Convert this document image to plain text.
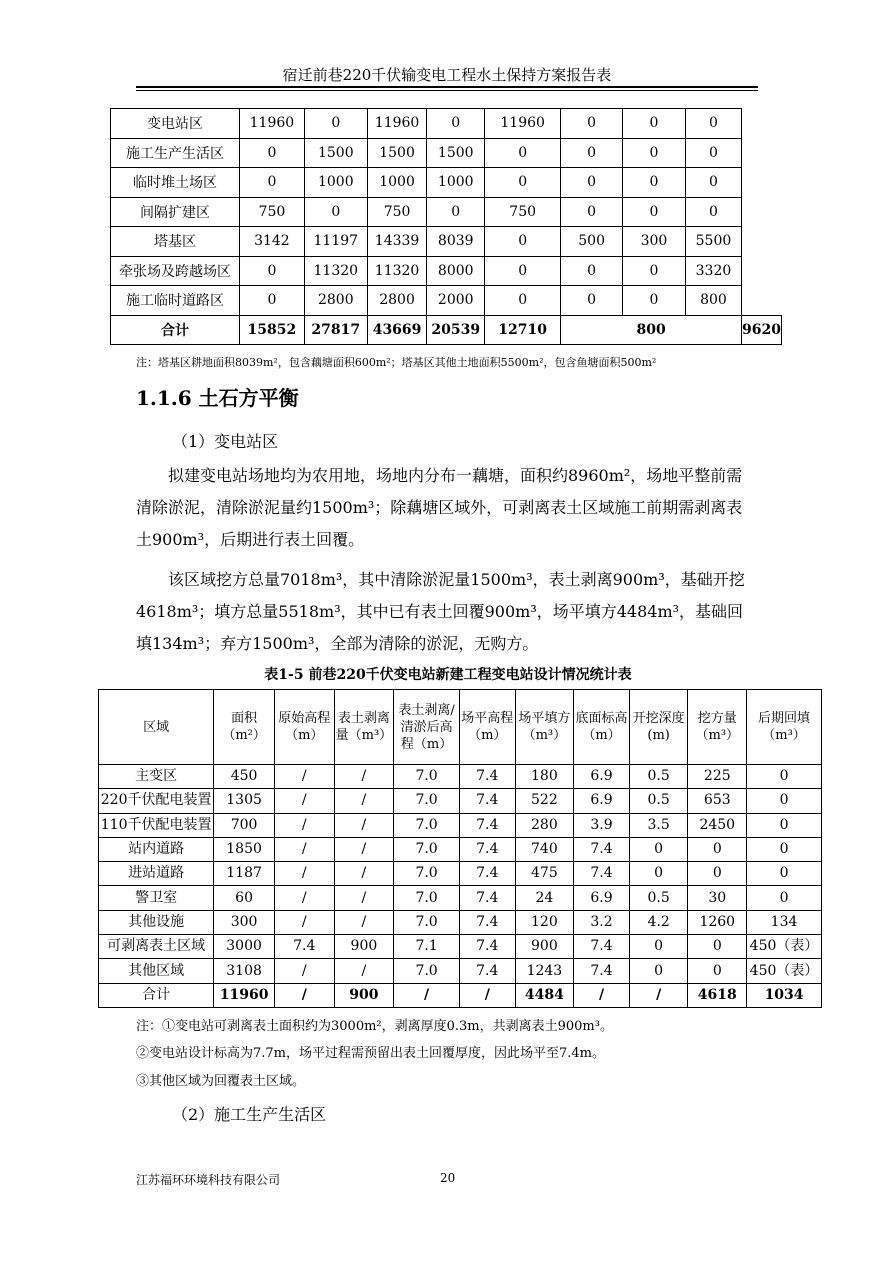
宿迁前巷220千伏输变电工程水土保持方案报告表
变电站区	11960	0	11960	0	11960	0	0	0	
施工生产生活区	0	1500	1500	1500	0	0	0	0	
临时堆土场区	0	1000	1000	1000	0	0	0	0	
间隔扩建区	750	0	750	0	750	0	0	0	
塔基区	3142	11197	14339	8039	0	500	300	5500	
牵张场及跨越场区	0	11320	11320	8000	0	0	0	3320	
施工临时道路区	0	2800	2800	2000	0	0	0	800	
合计	15852	27817	43669	20539	12710	800			9620
注：塔基区耕地面积8039m²，包含藕塘面积600m²；塔基区其他土地面积5500m²，包含鱼塘面积500m²
1.1.6 土石方平衡
（1）变电站区

拟建变电站场地均为农用地，场地内分布一藕塘，面积约8960m²，场地平整前需清除淤泥，清除淤泥量约1500m³；除藕塘区域外，可剥离表土区域施工前期需剥离表土900m³，后期进行表土回覆。

该区域挖方总量7018m³，其中清除淤泥量1500m³，表土剥离900m³，基础开挖4618m³；填方总量5518m³，其中已有表土回覆900m³，场平填方4484m³，基础回填134m³；弃方1500m³，全部为清除的淤泥，无购方。

表1-5 前巷220千伏变电站新建工程变电站设计情况统计表
区域	面积（m²）	原始高程（m）	表土剥离量（m³）	表土剥离/清淤后高程（m）	场平高程（m）	场平填方（m³）	底面标高（m）	开挖深度(m)	挖方量（m³）	后期回填（m³）
主变区	450	/	/	7.0	7.4	180	6.9	0.5	225	0
220千伏配电装置	1305	/	/	7.0	7.4	522	6.9	0.5	653	0
110千伏配电装置	700	/	/	7.0	7.4	280	3.9	3.5	2450	0
站内道路	1850	/	/	7.0	7.4	740	7.4	0	0	0
进站道路	1187	/	/	7.0	7.4	475	7.4	0	0	0
警卫室	60	/	/	7.0	7.4	24	6.9	0.5	30	0
其他设施	300	/	/	7.0	7.4	120	3.2	4.2	1260	134
可剥离表土区域	3000	7.4	900	7.1	7.4	900	7.4	0	0	450（表）
其他区域	3108	/	/	7.0	7.4	1243	7.4	0	0	450（表）
合计	11960	/	900	/	/	4484	/	/	4618	1034
注：①变电站可剥离表土面积约为3000m²，剥离厚度0.3m，共剥离表土900m³。
②变电站设计标高为7.7m，场平过程需预留出表土回覆厚度，因此场平至7.4m。
③其他区域为回覆表土区域。
（2）施工生产生活区
江苏福环环境科技有限公司	20
